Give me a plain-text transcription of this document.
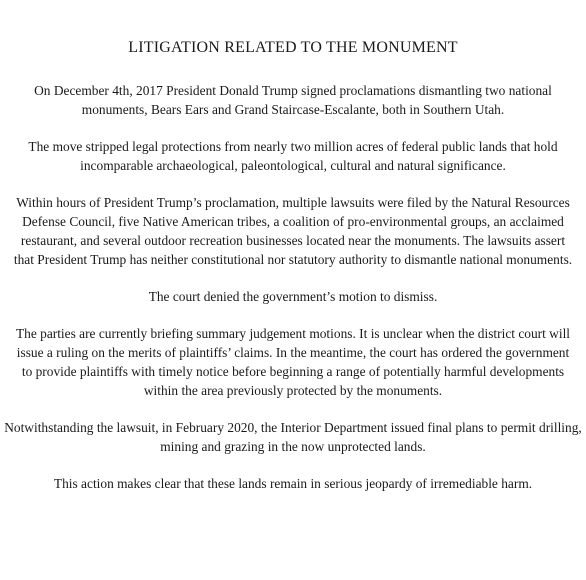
LITIGATION RELATED TO THE MONUMENT

On December 4th, 2017 President Donald Trump signed proclamations dismantling two national
monuments, Bears Ears and Grand Staircase-Escalante, both in Southern Utah.

The move stripped legal protections from nearly two million acres of federal public lands that hold
incomparable archaeological, paleontological, cultural and natural significance.

Within hours of President Trump’s proclamation, multiple lawsuits were filed by the Natural Resources
Defense Council, five Native American tribes, a coalition of pro-environmental groups, an acclaimed
restaurant, and several outdoor recreation businesses located near the monuments. The lawsuits assert
that President Trump has neither constitutional nor statutory authority to dismantle national monuments.

The court denied the government’s motion to dismiss.

The parties are currently briefing summary judgement motions. It is unclear when the district court will
issue a ruling on the merits of plaintiffs’ claims. In the meantime, the court has ordered the government
to provide plaintiffs with timely notice before beginning a range of potentially harmful developments
within the area previously protected by the monuments.

Notwithstanding the lawsuit, in February 2020, the Interior Department issued final plans to permit drilling,
mining and grazing in the now unprotected lands.

This action makes clear that these lands remain in serious jeopardy of irremediable harm.
